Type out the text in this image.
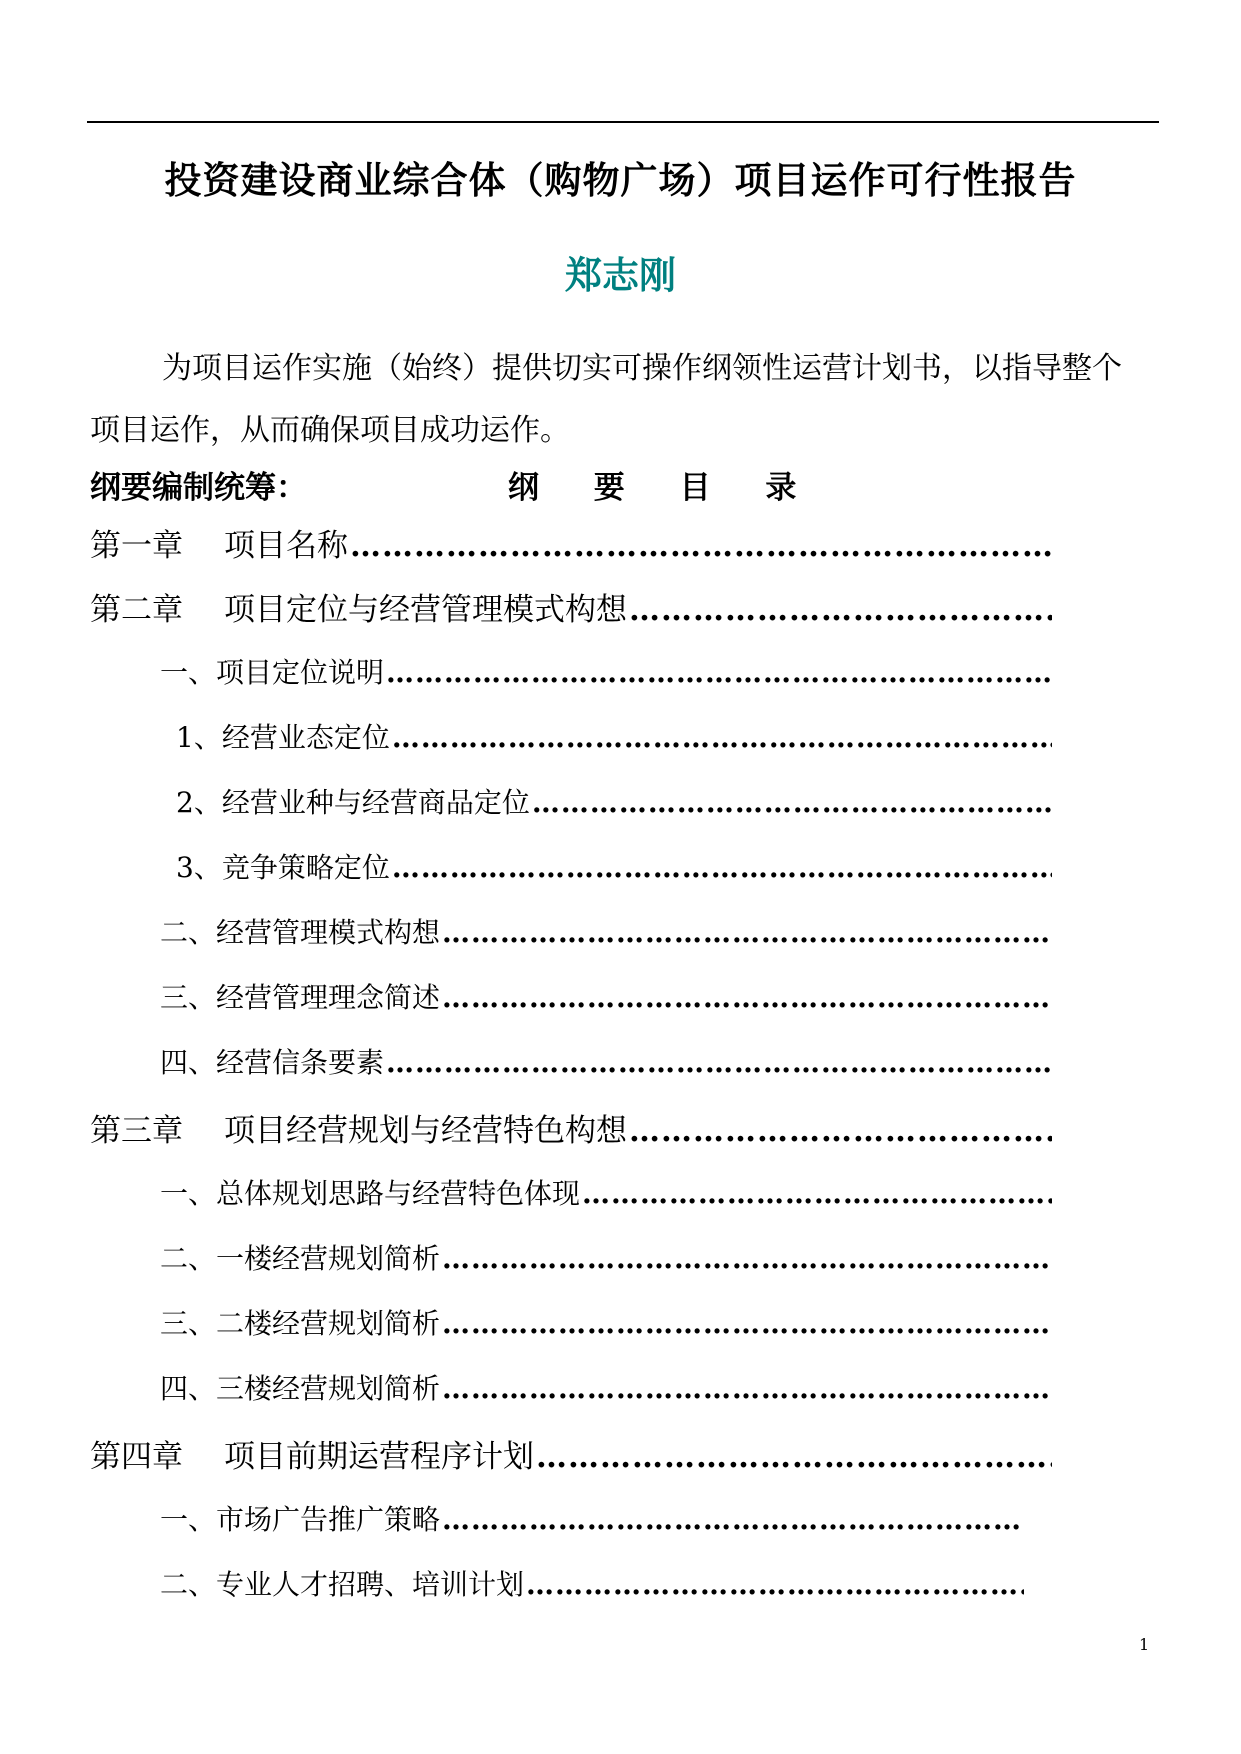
投资建设商业综合体（购物广场）项目运作可行性报告
郑志刚
为项目运作实施（始终）提供切实可操作纲领性运营计划书，以指导整个
项目运作，从而确保项目成功运作。
纲要编制统筹：	纲 要 目 录
第一章 项目名称
………………………………………………………………………………………………………………………………………………………………
第二章 项目定位与经营管理模式构想
………………………………………………………………………………………………………………………………………………………………
一、项目定位说明
………………………………………………………………………………………………………………………………………………………………
1、经营业态定位
………………………………………………………………………………………………………………………………………………………………
2、经营业种与经营商品定位
………………………………………………………………………………………………………………………………………………………………
3、竞争策略定位
………………………………………………………………………………………………………………………………………………………………
二、经营管理模式构想
………………………………………………………………………………………………………………………………………………………………
三、经营管理理念简述
………………………………………………………………………………………………………………………………………………………………
四、经营信条要素
………………………………………………………………………………………………………………………………………………………………
第三章 项目经营规划与经营特色构想
………………………………………………………………………………………………………………………………………………………………
一、总体规划思路与经营特色体现
………………………………………………………………………………………………………………………………………………………………
二、一楼经营规划简析
………………………………………………………………………………………………………………………………………………………………
三、二楼经营规划简析
………………………………………………………………………………………………………………………………………………………………
四、三楼经营规划简析
………………………………………………………………………………………………………………………………………………………………
第四章 项目前期运营程序计划
………………………………………………………………………………………………………………………………………………………………
一、市场广告推广策略
………………………………………………………………………………………………………………………………………………………………
二、专业人才招聘、培训计划
………………………………………………………………………………………………………………………………………………………………
1
